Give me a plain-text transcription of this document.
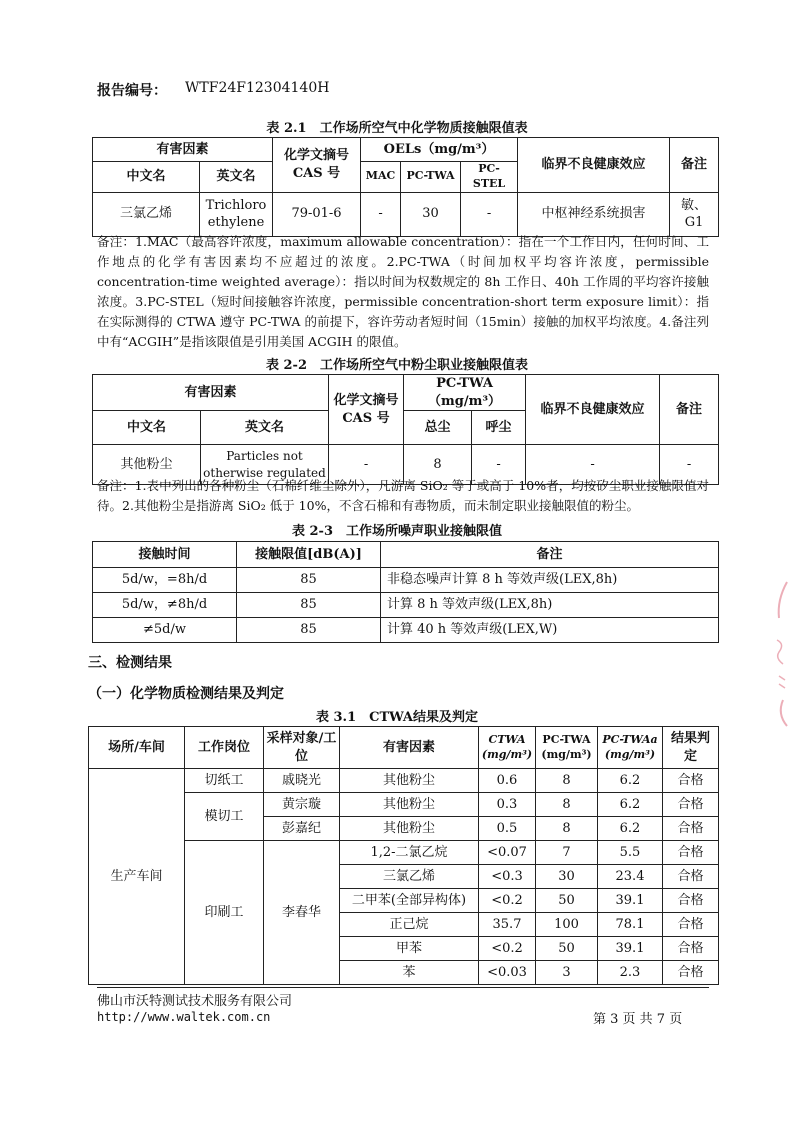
报告编号： WTF24F12304140H
表 2.1　工作场所空气中化学物质接触限值表
有害因素		化学文摘号 CAS 号	OELs（mg/m³）			临界不良健康效应	备注
中文名	英文名		MAC	PC-TWA	PC-STEL		
三氯乙烯	Trichloroethylene	79-01-6	-	30	-	中枢神经系统损害	敏、G1
备注：1.MAC（最高容许浓度，maximum allowable concentration）：指在一个工作日内，任何时间、工作地点的化学有害因素均不应超过的浓度。2.PC-TWA（时间加权平均容许浓度，permissible concentration-time weighted average）：指以时间为权数规定的 8h 工作日、40h 工作周的平均容许接触浓度。3.PC-STEL（短时间接触容许浓度，permissible concentration-short term exposure limit）：指在实际测得的 CTWA 遵守 PC-TWA 的前提下，容许劳动者短时间（15min）接触的加权平均浓度。4.备注列中有“ACGIH”是指该限值是引用美国 ACGIH 的限值。
表 2-2　工作场所空气中粉尘职业接触限值表
有害因素		化学文摘号 CAS 号	PC-TWA（mg/m³）		临界不良健康效应	备注
中文名	英文名		总尘	呼尘		
其他粉尘	Particles not otherwise regulated	-	8	-	-	-
备注：1.表中列出的各种粉尘（石棉纤维尘除外），凡游离 SiO₂ 等于或高于 10%者，均按矽尘职业接触限值对待。2.其他粉尘是指游离 SiO₂ 低于 10%，不含石棉和有毒物质，而未制定职业接触限值的粉尘。
表 2-3　工作场所噪声职业接触限值
接触时间	接触限值[dB(A)]	备注
5d/w，=8h/d	85	非稳态噪声计算 8 h 等效声级(LEX,8h)
5d/w，≠8h/d	85	计算 8 h 等效声级(LEX,8h)
≠5d/w	85	计算 40 h 等效声级(LEX,W)
三、检测结果
（一）化学物质检测结果及判定
表 3.1　CTWA结果及判定
场所/车间	工作岗位	采样对象/工位	有害因素	CTWA (mg/m³)	PC-TWA (mg/m³)	PC-TWAa (mg/m³)	结果判定
生产车间	切纸工	戚晓光	其他粉尘	0.6	8	6.2	合格
	模切工	黄宗璇	其他粉尘	0.3	8	6.2	合格
		彭嘉纪	其他粉尘	0.5	8	6.2	合格
	印刷工	李春华	1,2-二氯乙烷	<0.07	7	5.5	合格
			三氯乙烯	<0.3	30	23.4	合格
			二甲苯(全部异构体)	<0.2	50	39.1	合格
			正己烷	35.7	100	78.1	合格
			甲苯	<0.2	50	39.1	合格
			苯	<0.03	3	2.3	合格
佛山市沃特测试技术服务有限公司
http://www.waltek.com.cn	第 3 页 共 7 页
